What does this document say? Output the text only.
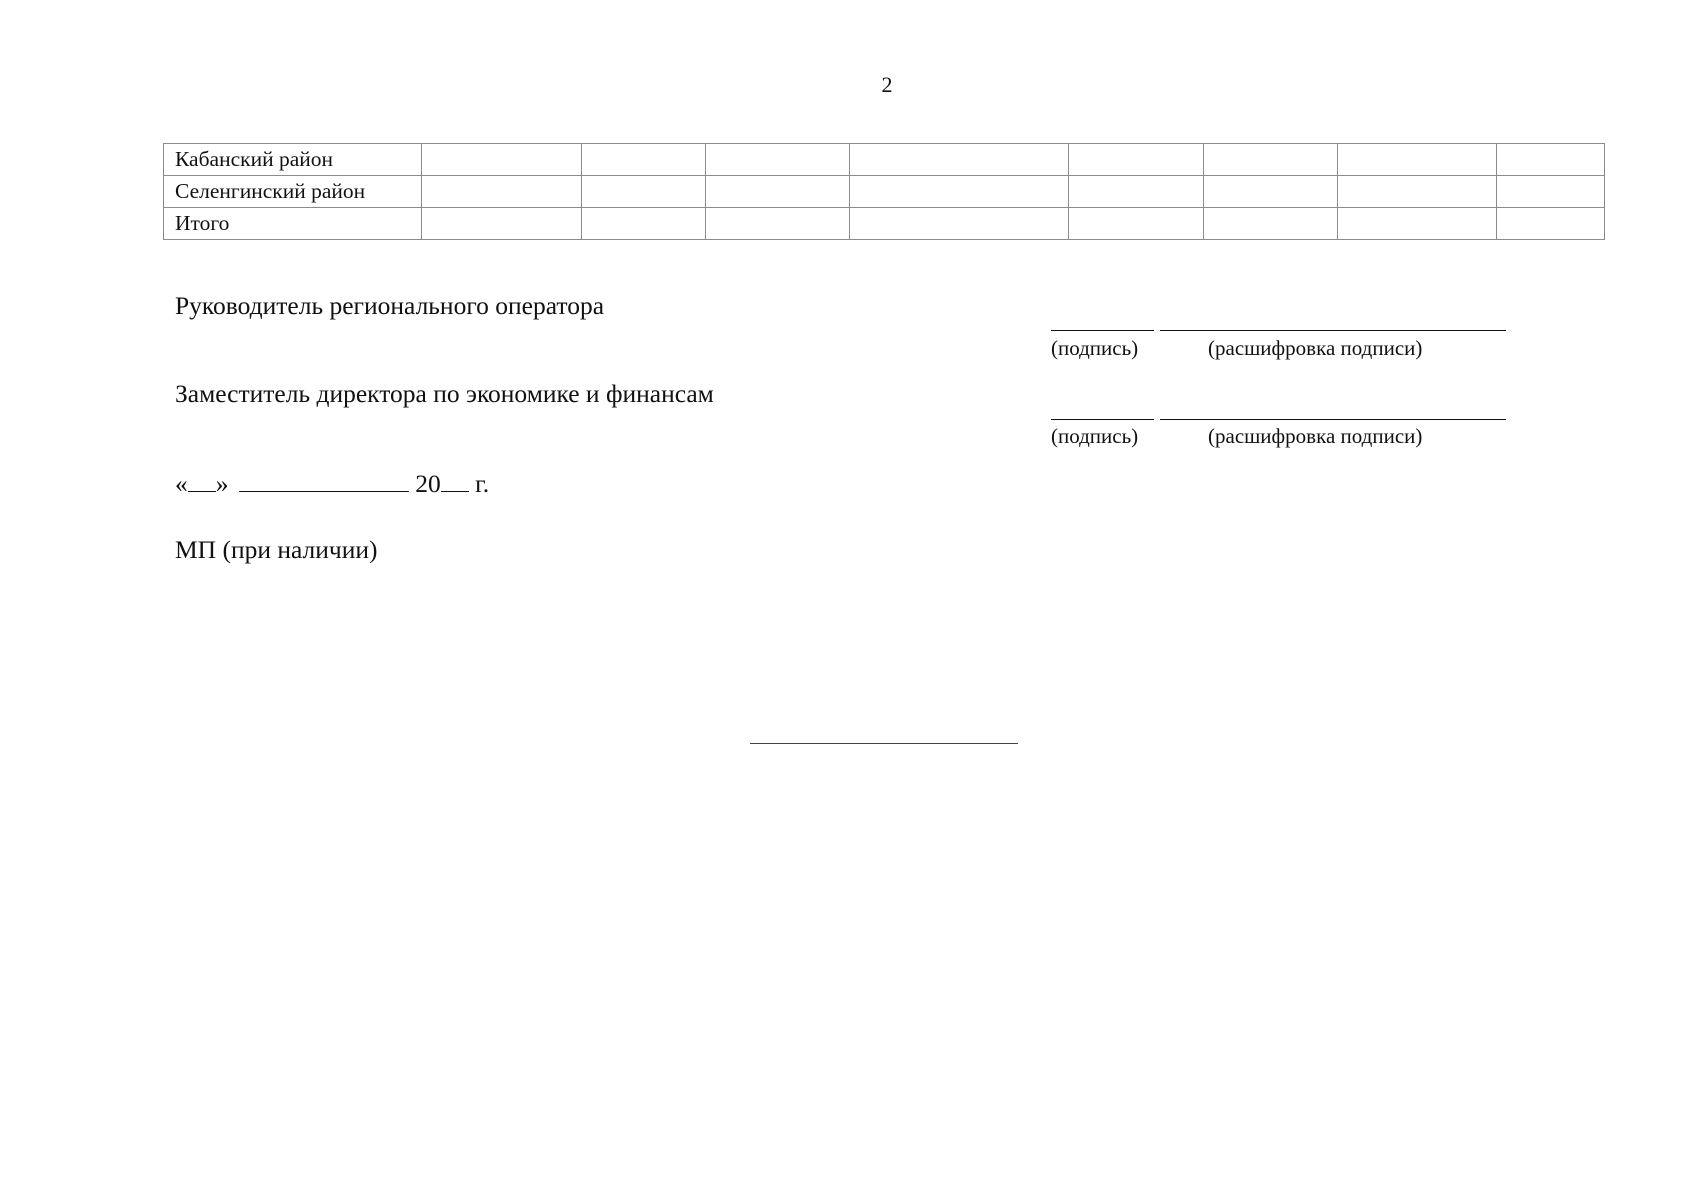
2
Кабанский район								
Селенгинский район								
Итого								
Руководитель регионального оператора
(подпись)	(расшифровка подписи)
Заместитель директора по экономике и финансам
(подпись)	(расшифровка подписи)
« »	20 г.
МП (при наличии)
